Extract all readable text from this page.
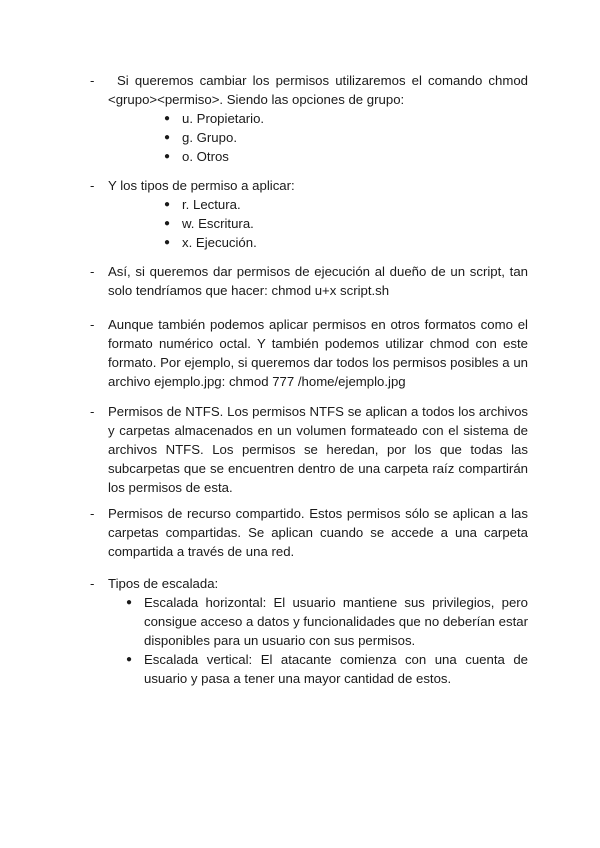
-	Si queremos cambiar los permisos utilizaremos el comando chmod <grupo><permiso>. Siendo las opciones de grupo:
● u. Propietario.
● g. Grupo.
● o. Otros
-	Y los tipos de permiso a aplicar:
● r. Lectura.
● w. Escritura.
● x. Ejecución.
-	Así, si queremos dar permisos de ejecución al dueño de un script, tan solo tendríamos que hacer: chmod u+x script.sh
-	Aunque también podemos aplicar permisos en otros formatos como el formato numérico octal. Y también podemos utilizar chmod con este formato. Por ejemplo, si queremos dar todos los permisos posibles a un archivo ejemplo.jpg: chmod 777 /home/ejemplo.jpg
-	Permisos de NTFS. Los permisos NTFS se aplican a todos los archivos y carpetas almacenados en un volumen formateado con el sistema de archivos NTFS. Los permisos se heredan, por los que todas las subcarpetas que se encuentren dentro de una carpeta raíz compartirán los permisos de esta.
-	Permisos de recurso compartido. Estos permisos sólo se aplican a las carpetas compartidas. Se aplican cuando se accede a una carpeta compartida a través de una red.
-	Tipos de escalada:
● Escalada horizontal: El usuario mantiene sus privilegios, pero consigue acceso a datos y funcionalidades que no deberían estar disponibles para un usuario con sus permisos.
● Escalada vertical: El atacante comienza con una cuenta de usuario y pasa a tener una mayor cantidad de estos.
